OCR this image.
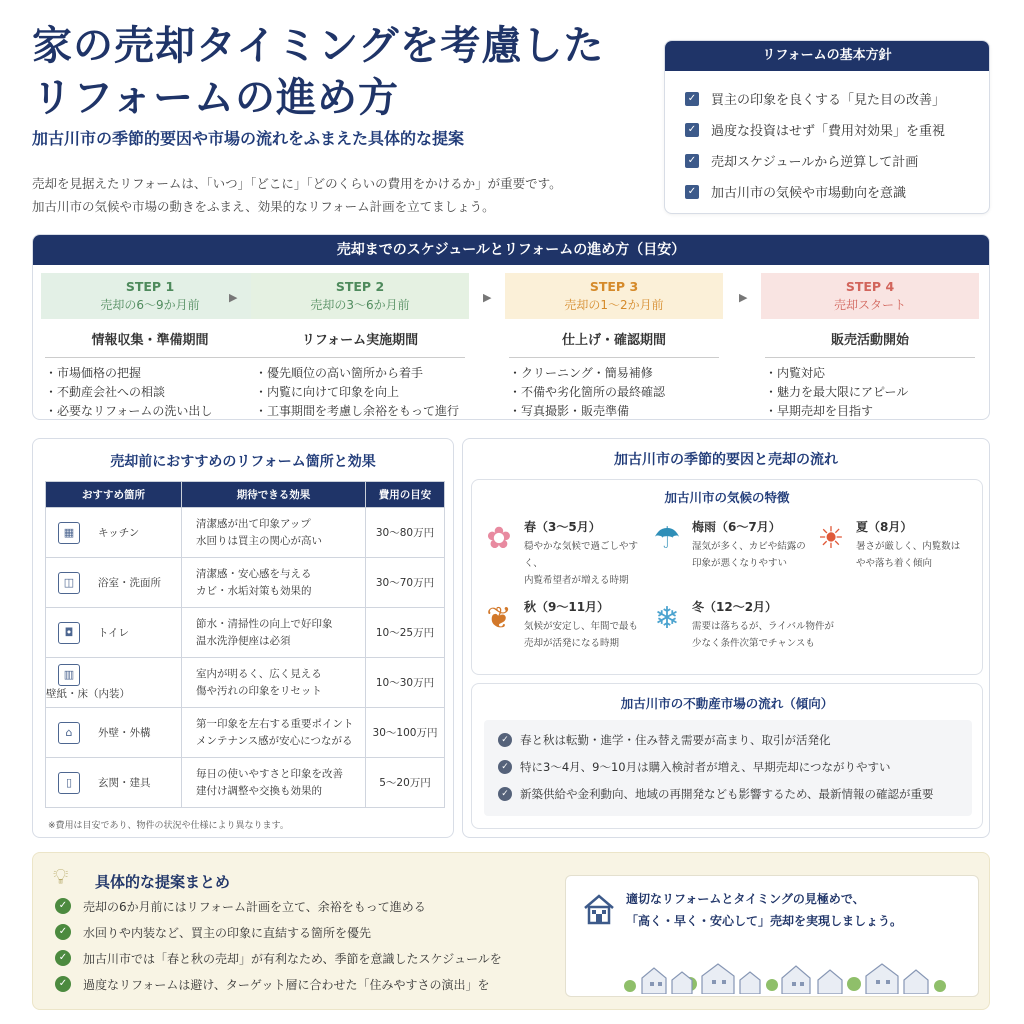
家の売却タイミングを考慮した
リフォームの進め方
加古川市の季節的要因や市場の流れをふまえた具体的な提案
売却を見据えたリフォームは、「いつ」「どこに」「どのくらいの費用をかけるか」が重要です。
加古川市の気候や市場の動きをふまえ、効果的なリフォーム計画を立てましょう。
リフォームの基本方針
✓ 買主の印象を良くする「見た目の改善」
✓ 過度な投資はせず「費用対効果」を重視
✓ 売却スケジュールから逆算して計画
✓ 加古川市の気候や市場動向を意識
売却までのスケジュールとリフォームの進め方（目安）
STEP 1
売却の6〜9か月前
情報収集・準備期間
・市場価格の把握
・不動産会社への相談
・必要なリフォームの洗い出し
▶
STEP 2
売却の3〜6か月前
リフォーム実施期間
・優先順位の高い箇所から着手
・内覧に向けて印象を向上
・工事期間を考慮し余裕をもって進行
▶
STEP 3
売却の1〜2か月前
仕上げ・確認期間
・クリーニング・簡易補修
・不備や劣化箇所の最終確認
・写真撮影・販売準備
▶
STEP 4
売却スタート
販売活動開始
・内覧対応
・魅力を最大限にアピール
・早期売却を目指す
売却前におすすめのリフォーム箇所と効果
おすすめ箇所	期待できる効果	費用の目安
▦ キッチン	清潔感が出て印象アップ
水回りは買主の関心が高い	30〜80万円
◫ 浴室・洗面所	清潔感・安心感を与える
カビ・水垢対策も効果的	30〜70万円
◘ トイレ	節水・清掃性の向上で好印象
温水洗浄便座は必須	10〜25万円
▥壁紙・床（内装）	室内が明るく、広く見える
傷や汚れの印象をリセット	10〜30万円
⌂ 外壁・外構	第一印象を左右する重要ポイント
メンテナンス感が安心につながる	30〜100万円
▯ 玄関・建具	毎日の使いやすさと印象を改善
建付け調整や交換も効果的	5〜20万円
※費用は目安であり、物件の状況や仕様により異なります。
加古川市の季節的要因と売却の流れ
加古川市の気候の特徴
✿	春（3〜5月）
穏やかな気候で過ごしやすく、
内覧希望者が増える時期
☂ 梅雨（6〜7月）
湿気が多く、カビや結露の
印象が悪くなりやすい
☀ 夏（8月）
暑さが厳しく、内覧数は
やや落ち着く傾向
❦	秋（9〜11月）
気候が安定し、年間で最も
売却が活発になる時期
❄	冬（12〜2月）
需要は落ちるが、ライバル物件が
少なく条件次第でチャンスも
加古川市の不動産市場の流れ（傾向）
✓ 春と秋は転勤・進学・住み替え需要が高まり、取引が活発化
✓ 特に3〜4月、9〜10月は購入検討者が増え、早期売却につながりやすい
✓ 新築供給や金利動向、地域の再開発なども影響するため、最新情報の確認が重要
💡︎ 具体的な提案まとめ
✓	売却の6か月前にはリフォーム計画を立て、余裕をもって進める
✓	水回りや内装など、買主の印象に直結する箇所を優先
✓	加古川市では「春と秋の売却」が有利なため、季節を意識したスケジュールを
✓	過度なリフォームは避け、ターゲット層に合わせた「住みやすさの演出」を
適切なリフォームとタイミングの見極めで、
「高く・早く・安心して」売却を実現しましょう。
